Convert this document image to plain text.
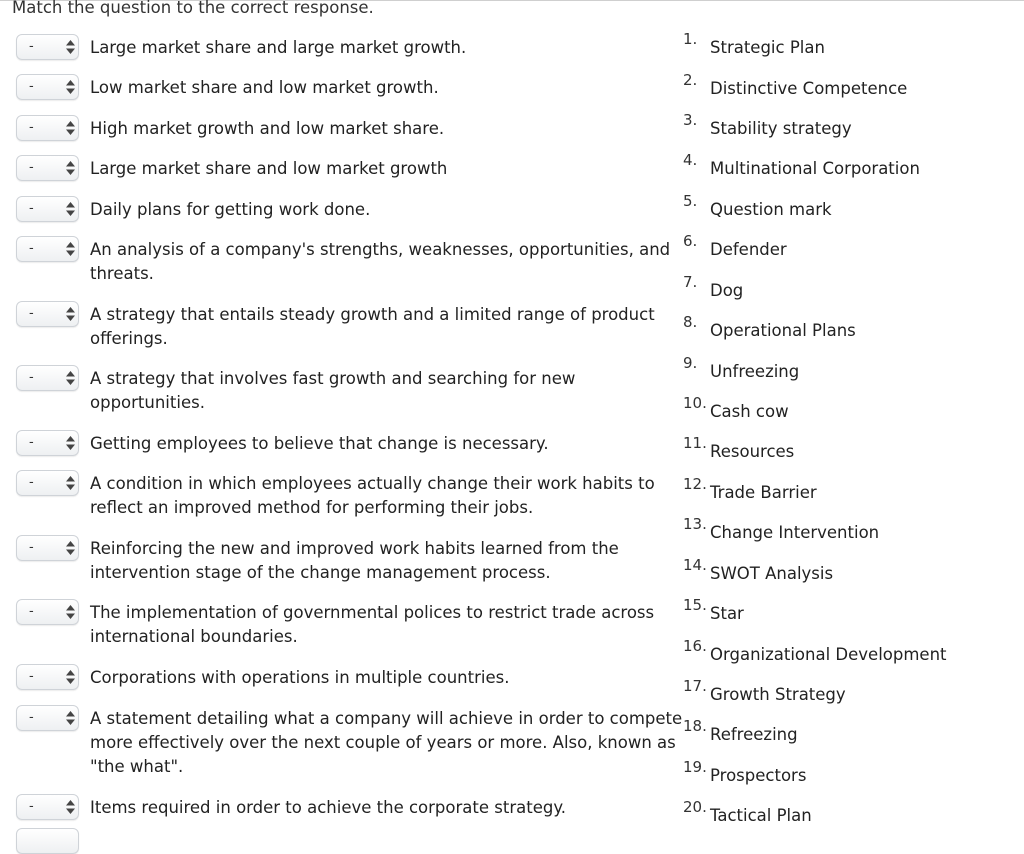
Match the question to the correct response.
-	Large market share and large market growth.
-	Low market share and low market growth.
-	High market growth and low market share.
-	Large market share and low market growth
-	Daily plans for getting work done.
-	An analysis of a company's strengths, weaknesses, opportunities, and threats.
-	A strategy that entails steady growth and a limited range of product offerings.
-	A strategy that involves fast growth and searching for new opportunities.
-	Getting employees to believe that change is necessary.
-	A condition in which employees actually change their work habits to reflect an improved method for performing their jobs.
-	Reinforcing the new and improved work habits learned from the intervention stage of the change management process.
-	The implementation of governmental polices to restrict trade across international boundaries.
-	Corporations with operations in multiple countries.
-	A statement detailing what a company will achieve in order to compete more effectively over the next couple of years or more. Also, known as "the what".
-	Items required in order to achieve the corporate strategy.
1. Strategic Plan
2. Distinctive Competence
3. Stability strategy
4. Multinational Corporation
5. Question mark
6. Defender
7. Dog
8. Operational Plans
9. Unfreezing
10. Cash cow
11. Resources
12. Trade Barrier
13. Change Intervention
14. SWOT Analysis
15. Star
16. Organizational Development
17. Growth Strategy
18. Refreezing
19. Prospectors
20. Tactical Plan
